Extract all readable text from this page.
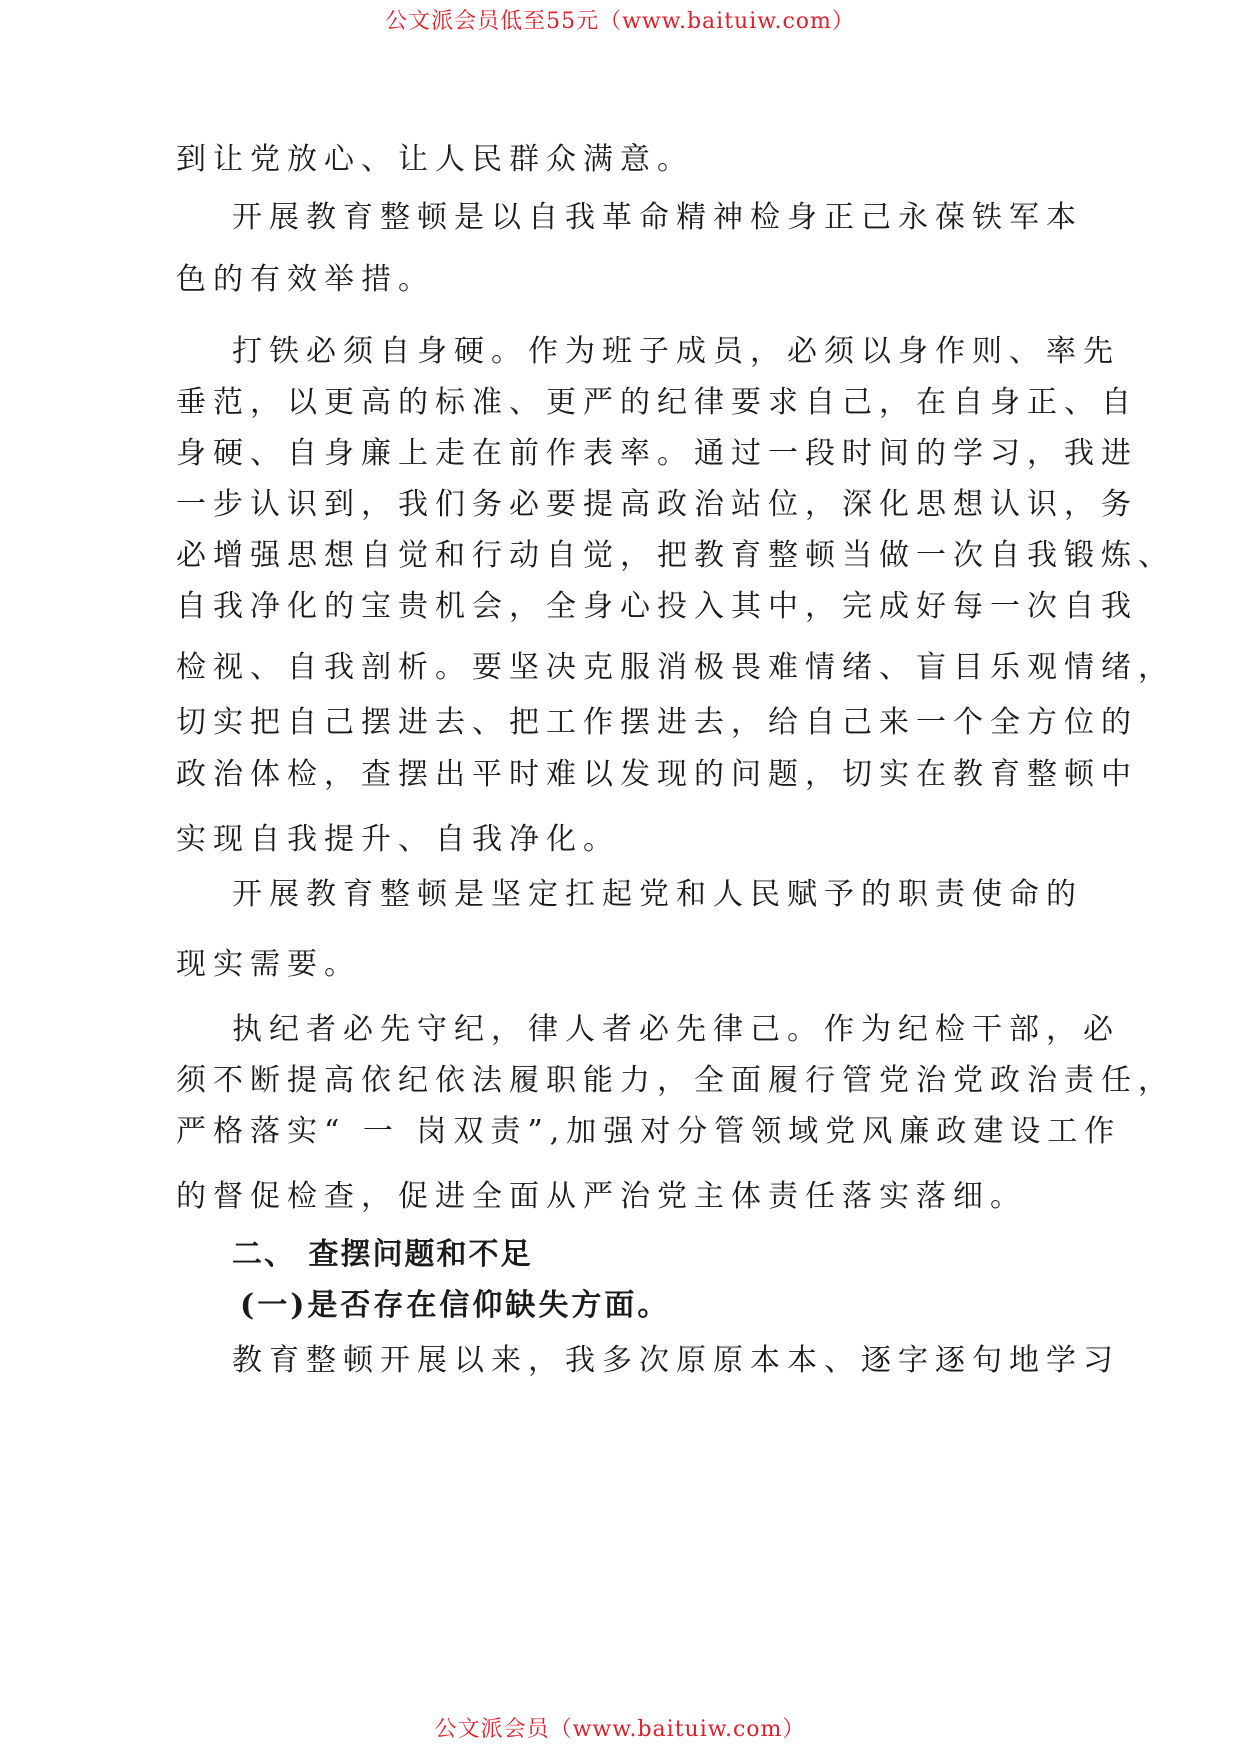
公文派会员低至55元（www.baituiw.com）
到让党放心、让人民群众满意。
开展教育整顿是以自我革命精神检身正己永葆铁军本
色的有效举措。
打铁必须自身硬。作为班子成员，必须以身作则、率先
垂范，以更高的标准、更严的纪律要求自己，在自身正、自
身硬、自身廉上走在前作表率。通过一段时间的学习，我进
一步认识到，我们务必要提高政治站位，深化思想认识，务
必增强思想自觉和行动自觉，把教育整顿当做一次自我锻炼、
自我净化的宝贵机会，全身心投入其中，完成好每一次自我
检视、自我剖析。要坚决克服消极畏难情绪、盲目乐观情绪，
切实把自己摆进去、把工作摆进去，给自己来一个全方位的
政治体检，查摆出平时难以发现的问题，切实在教育整顿中
实现自我提升、自我净化。
开展教育整顿是坚定扛起党和人民赋予的职责使命的
现实需要。
执纪者必先守纪，律人者必先律己。作为纪检干部，必
须不断提高依纪依法履职能力，全面履行管党治党政治责任，
严格落实“ 一 岗双责”,加强对分管领域党风廉政建设工作
的督促检查，促进全面从严治党主体责任落实落细。
二、 查摆问题和不足
(一)是否存在信仰缺失方面。
教育整顿开展以来，我多次原原本本、逐字逐句地学习
公文派会员（www.baituiw.com）
